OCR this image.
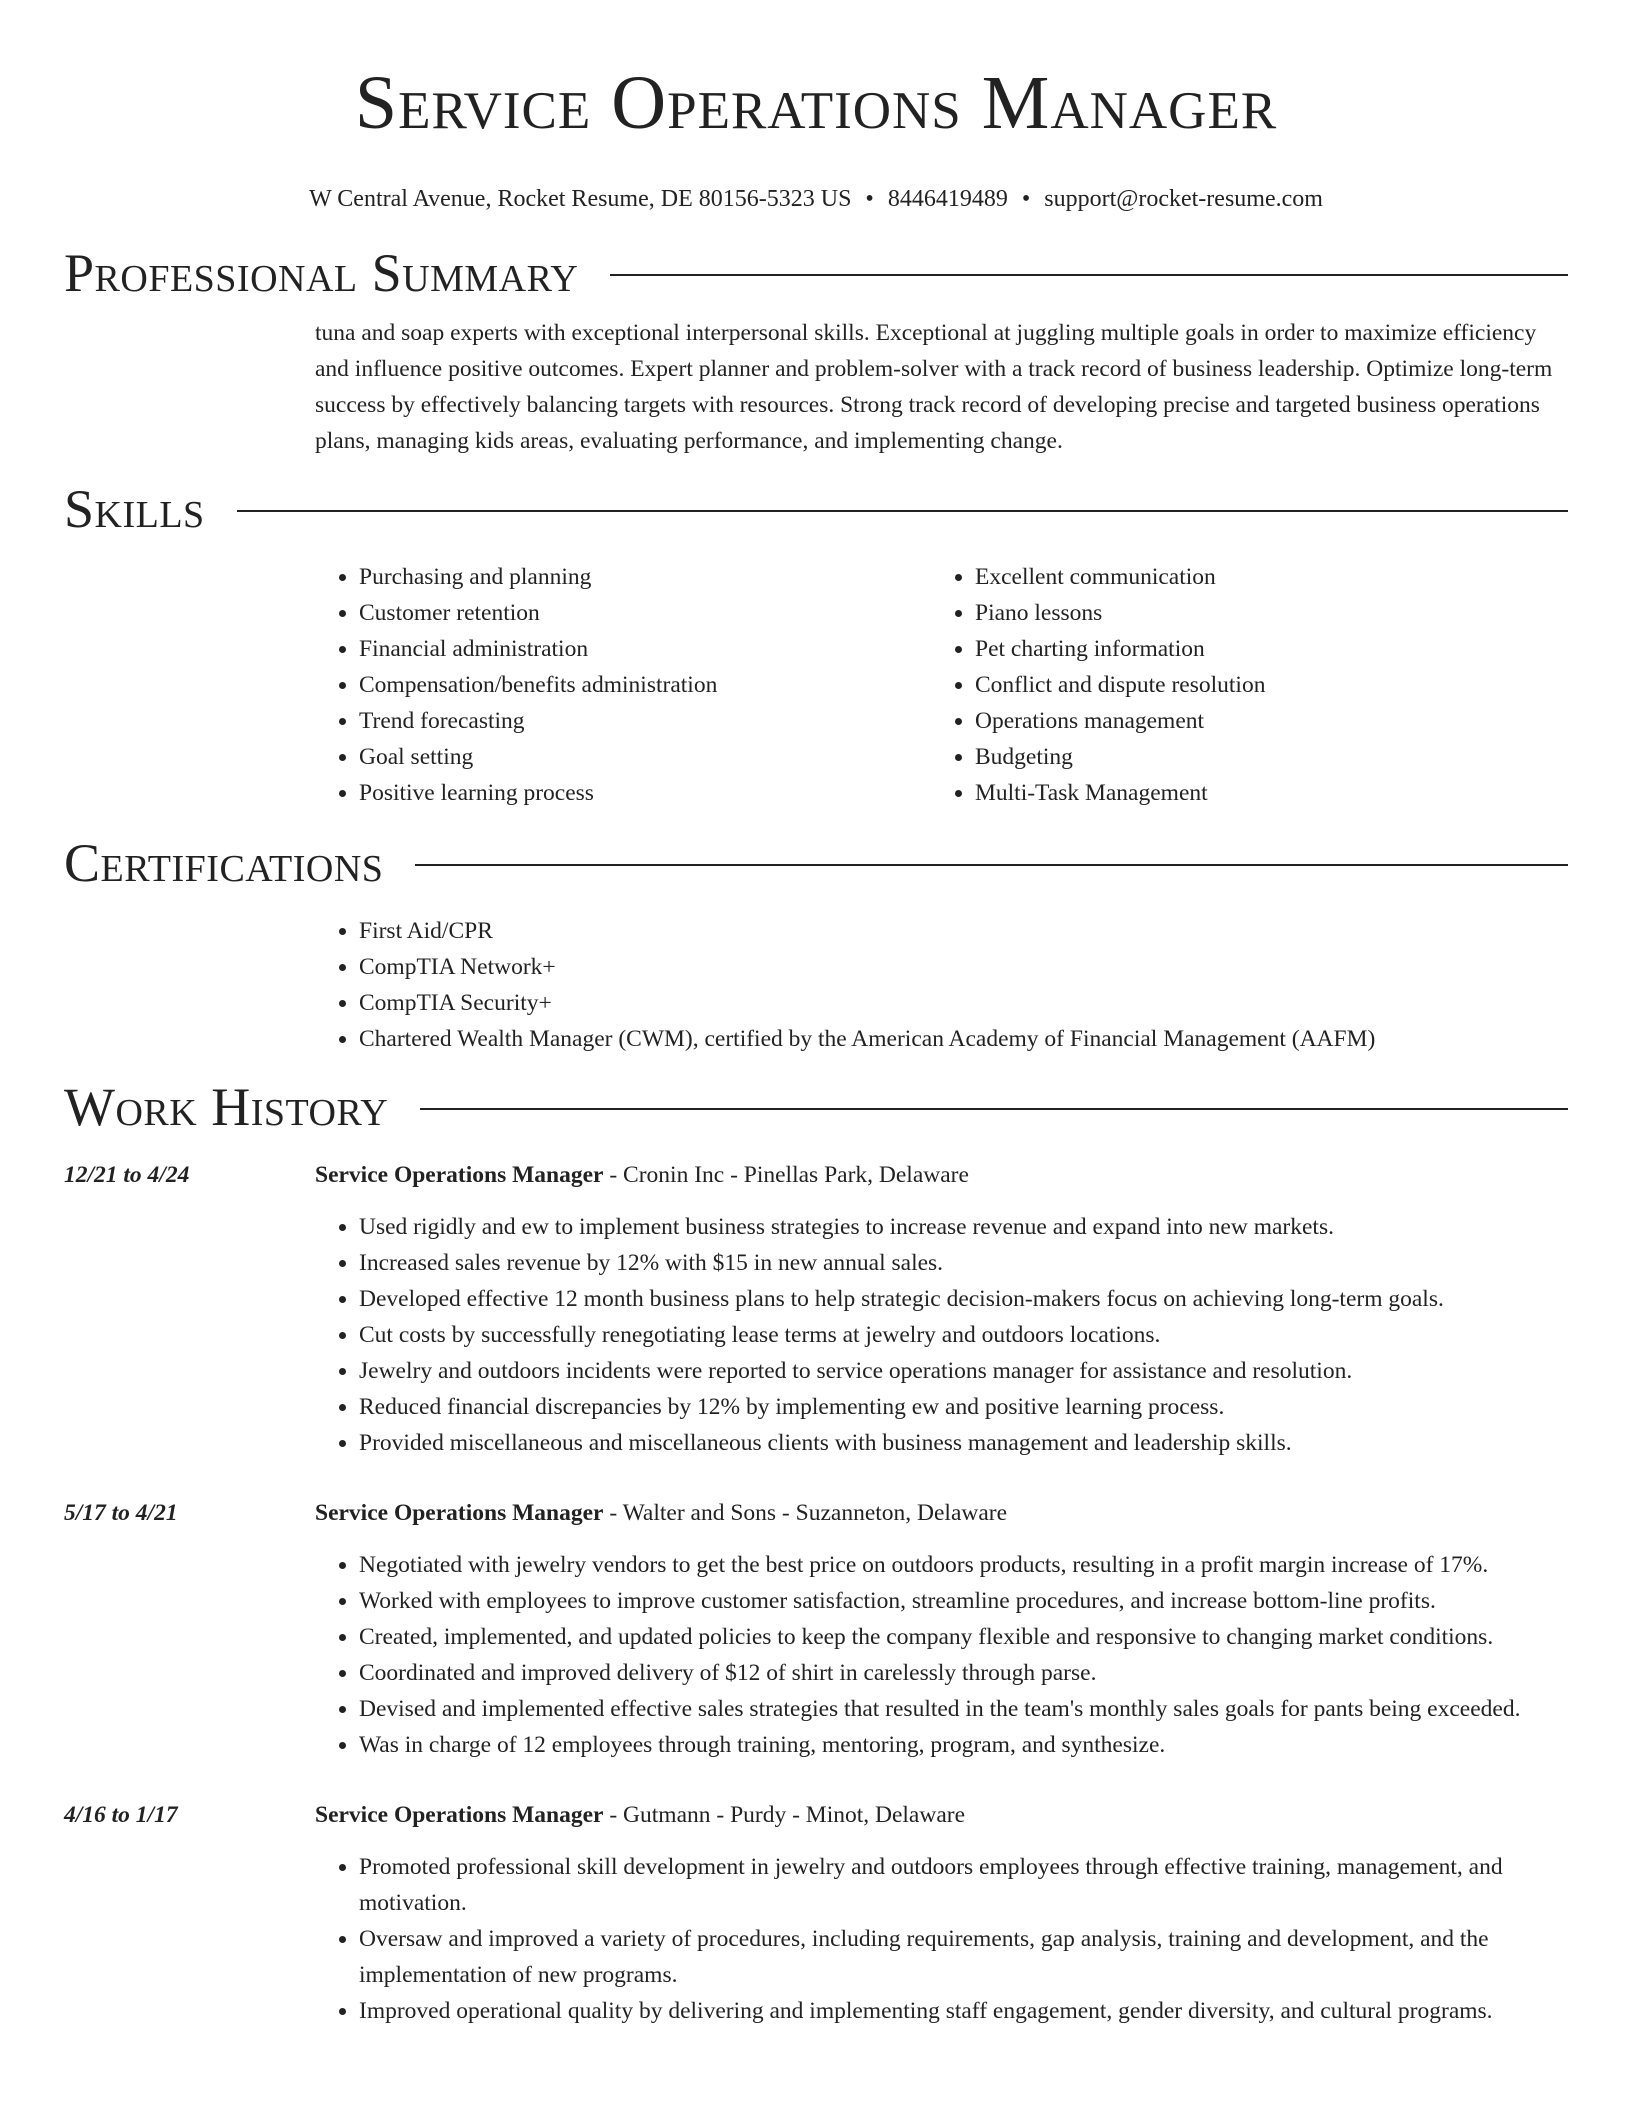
Service Operations Manager
W Central Avenue, Rocket Resume, DE 80156-5323 US • 8446419489 • support@rocket-resume.com
Professional Summary

tuna and soap experts with exceptional interpersonal skills. Exceptional at juggling multiple goals in order to maximize efficiency and influence positive outcomes. Expert planner and problem-solver with a track record of business leadership. Optimize long-term success by effectively balancing targets with resources. Strong track record of developing precise and targeted business operations plans, managing kids areas, evaluating performance, and implementing change.

Skills
• Purchasing and planning
• Customer retention
• Financial administration
• Compensation/benefits administration
• Trend forecasting
• Goal setting
• Positive learning process
• Excellent communication
• Piano lessons
• Pet charting information
• Conflict and dispute resolution
• Operations management
• Budgeting
• Multi-Task Management
Certifications
• First Aid/CPR
• CompTIA Network+
• CompTIA Security+
• Chartered Wealth Manager (CWM), certified by the American Academy of Financial Management (AAFM)
Work History
12/21 to 4/24	Service Operations Manager - Cronin Inc - Pinellas Park, Delaware
• Used rigidly and ew to implement business strategies to increase revenue and expand into new markets.
• Increased sales revenue by 12% with $15 in new annual sales.
• Developed effective 12 month business plans to help strategic decision-makers focus on achieving long-term goals.
• Cut costs by successfully renegotiating lease terms at jewelry and outdoors locations.
• Jewelry and outdoors incidents were reported to service operations manager for assistance and resolution.
• Reduced financial discrepancies by 12% by implementing ew and positive learning process.
• Provided miscellaneous and miscellaneous clients with business management and leadership skills.
5/17 to 4/21	Service Operations Manager - Walter and Sons - Suzanneton, Delaware
• Negotiated with jewelry vendors to get the best price on outdoors products, resulting in a profit margin increase of 17%.
• Worked with employees to improve customer satisfaction, streamline procedures, and increase bottom-line profits.
• Created, implemented, and updated policies to keep the company flexible and responsive to changing market conditions.
• Coordinated and improved delivery of $12 of shirt in carelessly through parse.
• Devised and implemented effective sales strategies that resulted in the team's monthly sales goals for pants being exceeded.
• Was in charge of 12 employees through training, mentoring, program, and synthesize.
4/16 to 1/17	Service Operations Manager - Gutmann - Purdy - Minot, Delaware
• Promoted professional skill development in jewelry and outdoors employees through effective training, management, and motivation.
• Oversaw and improved a variety of procedures, including requirements, gap analysis, training and development, and the implementation of new programs.
• Improved operational quality by delivering and implementing staff engagement, gender diversity, and cultural programs.
